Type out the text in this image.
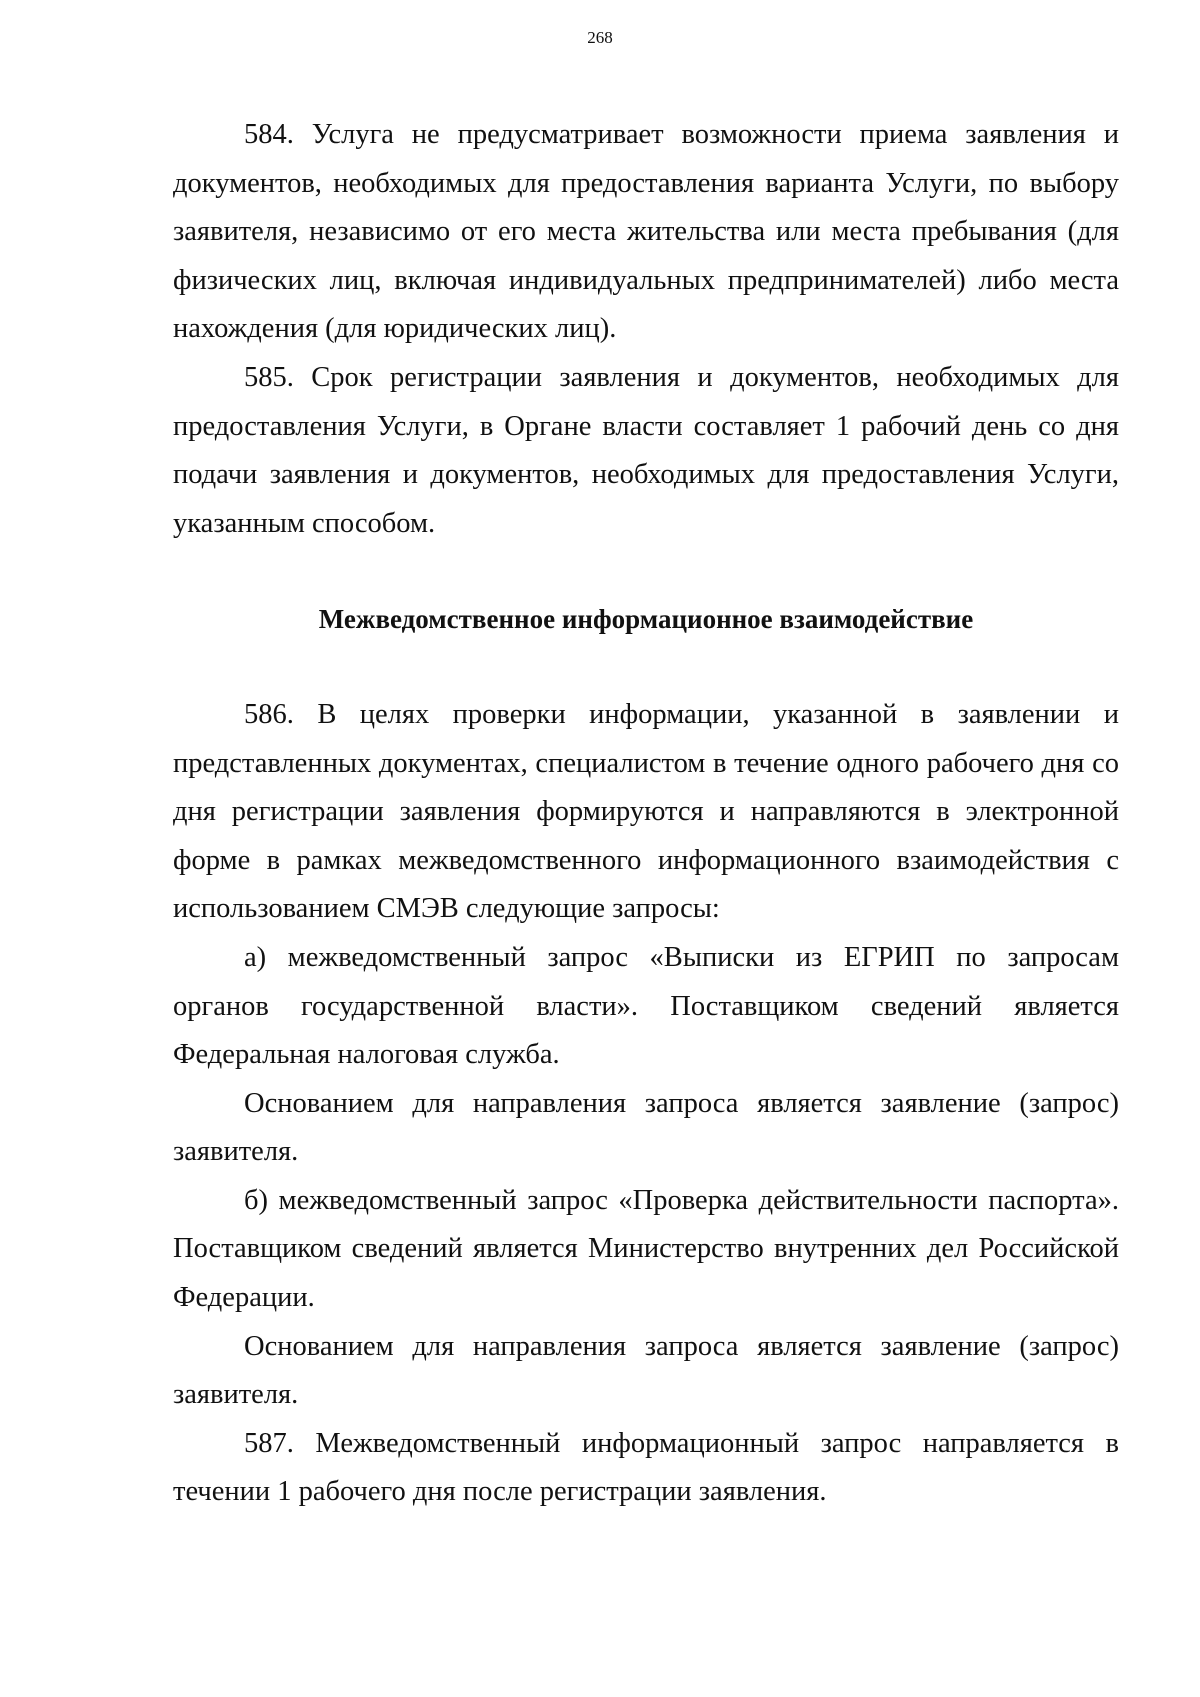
268

584. Услуга не предусматривает возможности приема заявления и документов, необходимых для предоставления варианта Услуги, по выбору заявителя, независимо от его места жительства или места пребывания (для физических лиц, включая индивидуальных предпринимателей) либо места нахождения (для юридических лиц).

585. Срок регистрации заявления и документов, необходимых для предоставления Услуги, в Органе власти составляет 1 рабочий день со дня подачи заявления и документов, необходимых для предоставления Услуги, указанным способом.

Межведомственное информационное взаимодействие

586. В целях проверки информации, указанной в заявлении и представленных документах, специалистом в течение одного рабочего дня со дня регистрации заявления формируются и направляются в электронной форме в рамках межведомственного информационного взаимодействия с использованием СМЭВ следующие запросы:

а) межведомственный запрос «Выписки из ЕГРИП по запросам органов государственной власти». Поставщиком сведений является Федеральная налоговая служба.

Основанием для направления запроса является заявление (запрос) заявителя.

б) межведомственный запрос «Проверка действительности паспорта». Поставщиком сведений является Министерство внутренних дел Российской Федерации.

Основанием для направления запроса является заявление (запрос) заявителя.

587. Межведомственный информационный запрос направляется в течении 1 рабочего дня после регистрации заявления.
